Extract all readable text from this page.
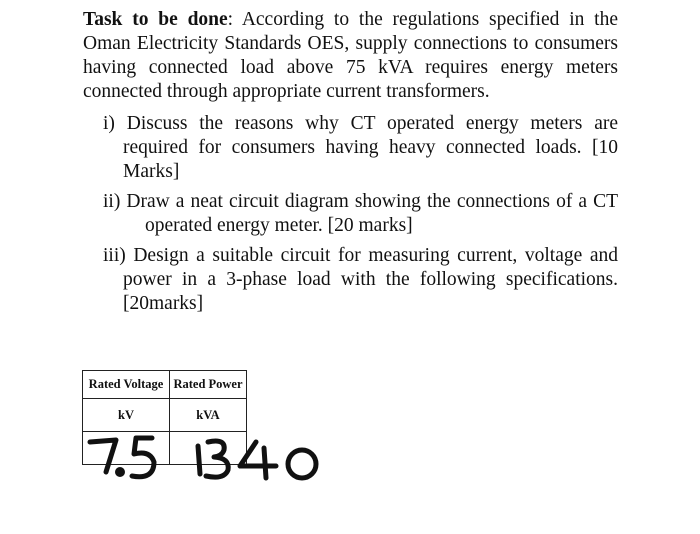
Task to be done: According to the regulations specified in the Oman Electricity Standards OES, supply connections to consumers having connected load above 75 kVA requires energy meters connected through appropriate current transformers.

i) Discuss the reasons why CT operated energy meters are required for consumers having heavy connected loads. [10 Marks]

ii) Draw a neat circuit diagram showing the connections of a CT operated energy meter. [20 marks]

iii) Design a suitable circuit for measuring current, voltage and power in a 3-phase load with the following specifications. [20marks]

Rated Voltage	Rated Power
kV	kVA
